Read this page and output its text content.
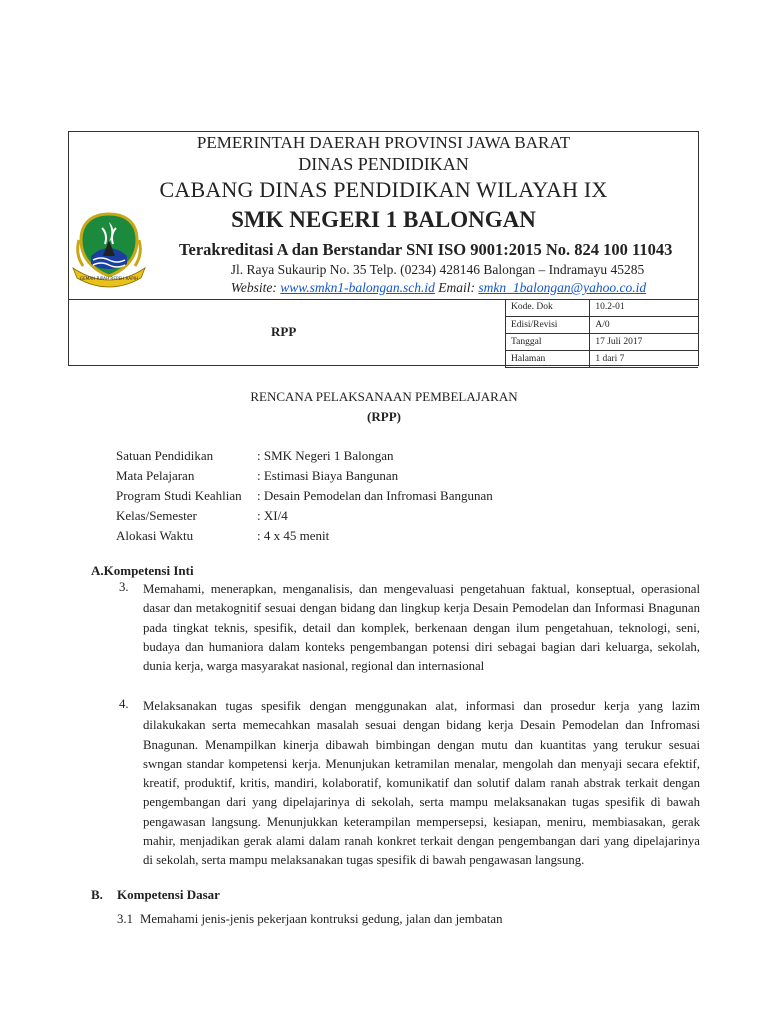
GEMAH RIPAH REPEH RAPIH
PEMERINTAH DAERAH PROVINSI JAWA BARAT
DINAS PENDIDIKAN
CABANG DINAS PENDIDIKAN WILAYAH IX
SMK NEGERI 1 BALONGAN
Terakreditasi A dan Berstandar SNI ISO 9001:2015 No. 824 100 11043
Jl. Raya Sukaurip No. 35 Telp. (0234) 428146 Balongan – Indramayu 45285
Website: www.smkn1-balongan.sch.id Email: smkn_1balongan@yahoo.co.id
RPP
Kode. Dok	10.2-01
Edisi/Revisi	A/0
Tanggal	17 Juli 2017
Halaman	1 dari 7
RENCANA PELAKSANAAN PEMBELAJARAN
(RPP)
Satuan Pendidikan	: SMK Negeri 1 Balongan
Mata Pelajaran	: Estimasi Biaya Bangunan
Program Studi Keahlian	: Desain Pemodelan dan Infromasi Bangunan
Kelas/Semester	: XI/4
Alokasi Waktu	: 4 x 45 menit
A.Kompetensi Inti
3. Memahami, menerapkan, menganalisis, dan mengevaluasi pengetahuan faktual, konseptual, operasional dasar dan metakognitif sesuai dengan bidang dan lingkup kerja Desain Pemodelan dan Informasi Bnagunan pada tingkat teknis, spesifik, detail dan komplek, berkenaan dengan ilum pengetahuan, teknologi, seni, budaya dan humaniora dalam konteks pengembangan potensi diri sebagai bagian dari keluarga, sekolah, dunia kerja, warga masyarakat nasional, regional dan internasional
4. Melaksanakan tugas spesifik dengan menggunakan alat, informasi dan prosedur kerja yang lazim dilakukakan serta memecahkan masalah sesuai dengan bidang kerja Desain Pemodelan dan Infromasi Bnagunan. Menampilkan kinerja dibawah bimbingan dengan mutu dan kuantitas yang terukur sesuai swngan standar kompetensi kerja. Menunjukan ketramilan menalar, mengolah dan menyaji secara efektif, kreatif, produktif, kritis, mandiri, kolaboratif, komunikatif dan solutif dalam ranah abstrak terkait dengan pengembangan dari yang dipelajarinya di sekolah, serta mampu melaksanakan tugas spesifik di bawah pengawasan langsung. Menunjukkan keterampilan mempersepsi, kesiapan, meniru, membiasakan, gerak mahir, menjadikan gerak alami dalam ranah konkret terkait dengan pengembangan dari yang dipelajarinya di sekolah, serta mampu melaksanakan tugas spesifik di bawah pengawasan langsung.
B. Kompetensi Dasar
3.1 Memahami jenis-jenis pekerjaan kontruksi gedung, jalan dan jembatan
